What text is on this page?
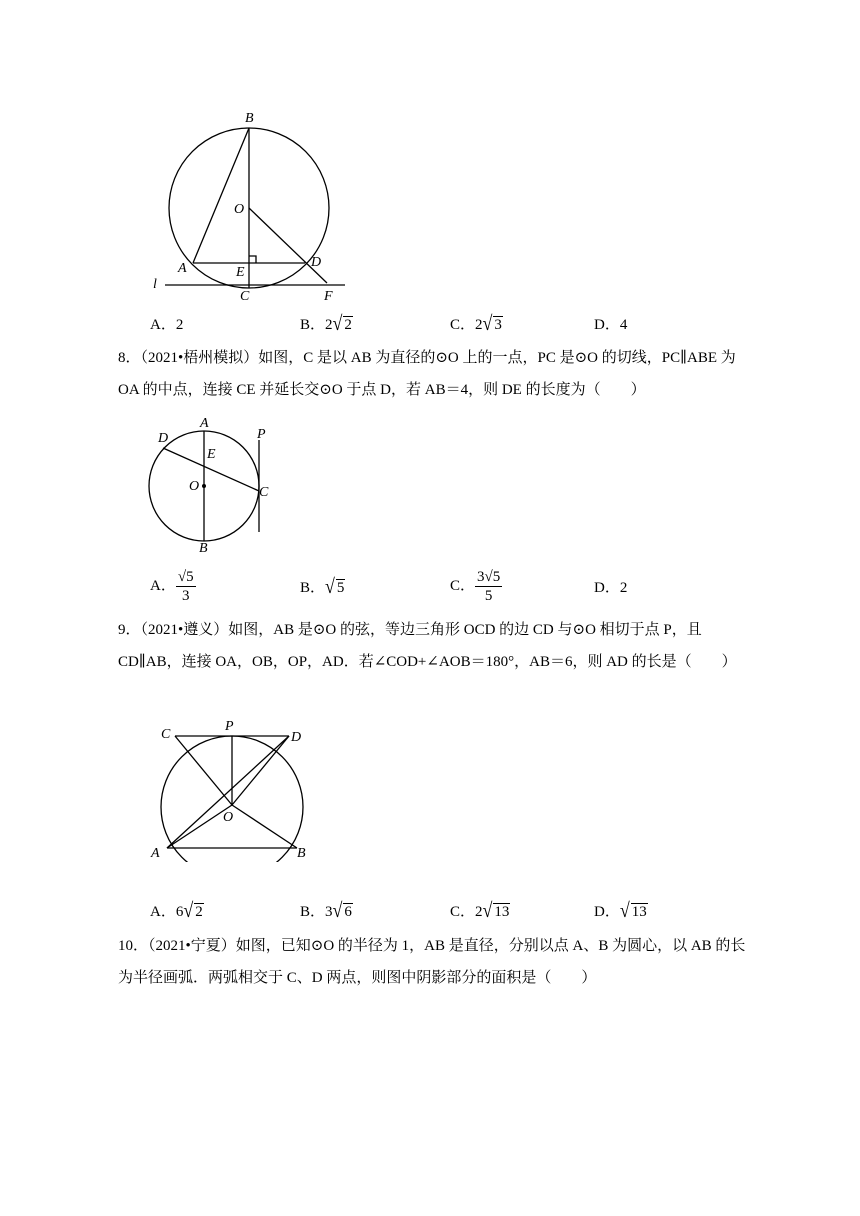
B
O
A	E
D
l
C	F
A．2	B．2√ 2	C．2√ 3	D．4
8．（2021•梧州模拟）如图，C 是以 AB 为直径的⊙O 上的一点，PC 是⊙O 的切线，PC∥ABE 为 OA 的中点，连接 CE 并延长交⊙O 于点 D，若 AB＝4，则 DE 的长度为（　　）
D
A
P
E
O	C
B
A． $\frac{√5}{3}$	B．√ 5	C． $\frac{3√5}{5}$	D．2
9．（2021•遵义）如图，AB 是⊙O 的弦，等边三角形 OCD 的边 CD 与⊙O 相切于点 P，且 CD∥AB，连接 OA，OB，OP，AD．若∠COD+∠AOB＝180°，AB＝6，则 AD 的长是（　　）
C
P
D
O
A	B
A．6√ 2	B．3√ 6	C．2√ 13	D．√ 13
10．（2021•宁夏）如图，已知⊙O 的半径为 1，AB 是直径，分别以点 A、B 为圆心，以 AB 的长为半径画弧．两弧相交于 C、D 两点，则图中阴影部分的面积是（　　）
